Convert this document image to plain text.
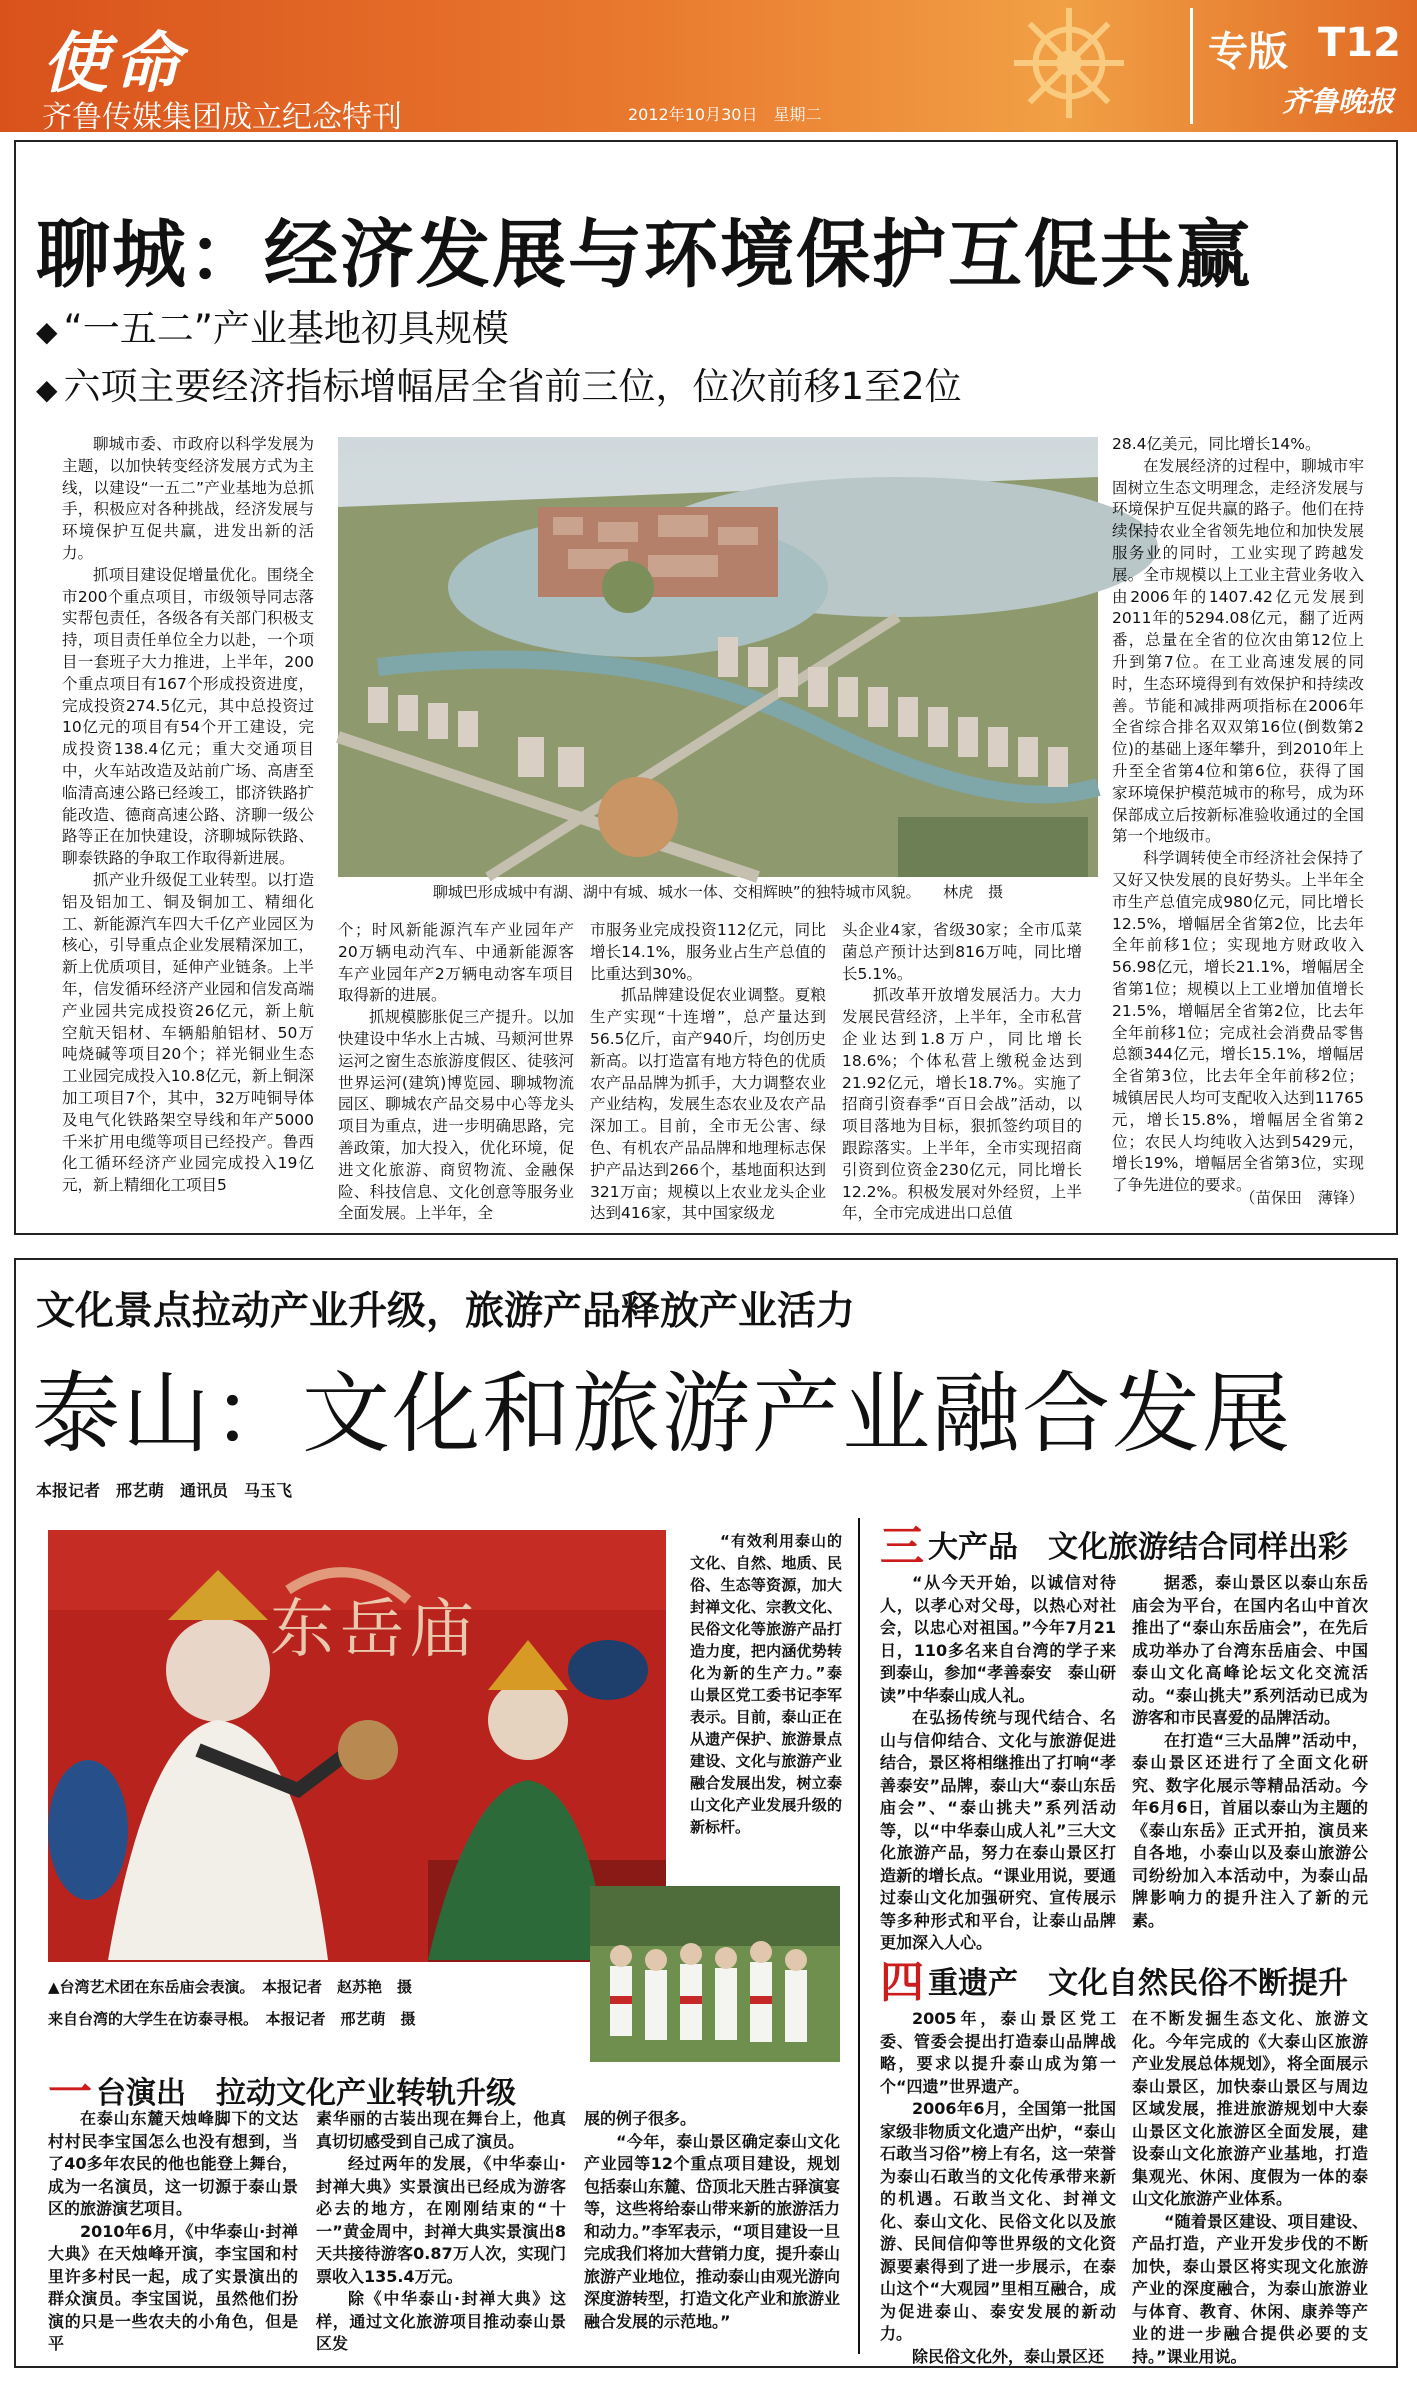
使命
齐鲁传媒集团成立纪念特刊	2012年10月30日　星期二
专版 T12
齐鲁晚报
聊城：经济发展与环境保护互促共赢
◆ “一五二”产业基地初具规模
◆ 六项主要经济指标增幅居全省前三位，位次前移1至2位

聊城市委、市政府以科学发展为主题，以加快转变经济发展方式为主线，以建设“一五二”产业基地为总抓手，积极应对各种挑战，经济发展与环境保护互促共赢，进发出新的活力。

抓项目建设促增量优化。围绕全市200个重点项目，市级领导同志落实帮包责任，各级各有关部门积极支持，项目责任单位全力以赴，一个项目一套班子大力推进，上半年，200个重点项目有167个形成投资进度，完成投资274.5亿元，其中总投资过10亿元的项目有54个开工建设，完成投资138.4亿元；重大交通项目中，火车站改造及站前广场、高唐至临清高速公路已经竣工，邯济铁路扩能改造、德商高速公路、济聊一级公路等正在加快建设，济聊城际铁路、聊泰铁路的争取工作取得新进展。

抓产业升级促工业转型。以打造铝及铝加工、铜及铜加工、精细化工、新能源汽车四大千亿产业园区为核心，引导重点企业发展精深加工，新上优质项目，延伸产业链条。上半年，信发循环经济产业园和信发高端产业园共完成投资26亿元，新上航空航天铝材、车辆船舶铝材、50万吨烧碱等项目20个；祥光铜业生态工业园完成投入10.8亿元，新上铜深加工项目7个，其中，32万吨铜导体及电气化铁路架空导线和年产5000千米扩用电缆等项目已经投产。鲁西化工循环经济产业园完成投入19亿元，新上精细化工项目5

聊城巴形成城中有湖、湖中有城、城水一体、交相辉映”的独特城市风貌。　　林虎　摄

个；时风新能源汽车产业园年产20万辆电动汽车、中通新能源客车产业园年产2万辆电动客车项目取得新的进展。

抓规模膨胀促三产提升。以加快建设中华水上古城、马颊河世界运河之窗生态旅游度假区、徒骇河世界运河(建筑)博览园、聊城物流园区、聊城农产品交易中心等龙头项目为重点，进一步明确思路，完善政策，加大投入，优化环境，促进文化旅游、商贸物流、金融保险、科技信息、文化创意等服务业全面发展。上半年，全

市服务业完成投资112亿元，同比增长14.1%，服务业占生产总值的比重达到30%。

抓品牌建设促农业调整。夏粮生产实现“十连增”，总产量达到56.5亿斤，亩产940斤，均创历史新高。以打造富有地方特色的优质农产品品牌为抓手，大力调整农业产业结构，发展生态农业及农产品深加工。目前，全市无公害、绿色、有机农产品品牌和地理标志保护产品达到266个，基地面积达到321万亩；规模以上农业龙头企业达到416家，其中国家级龙

头企业4家，省级30家；全市瓜菜菌总产预计达到816万吨，同比增长5.1%。

抓改革开放增发展活力。大力发展民营经济，上半年，全市私营企业达到1.8万户，同比增长18.6%；个体私营上缴税金达到21.92亿元，增长18.7%。实施了招商引资春季“百日会战”活动，以项目落地为目标，狠抓签约项目的跟踪落实。上半年，全市实现招商引资到位资金230亿元，同比增长12.2%。积极发展对外经贸，上半年，全市完成进出口总值

28.4亿美元，同比增长14%。

在发展经济的过程中，聊城市牢固树立生态文明理念，走经济发展与环境保护互促共赢的路子。他们在持续保持农业全省领先地位和加快发展服务业的同时，工业实现了跨越发展。全市规模以上工业主营业务收入由2006年的1407.42亿元发展到2011年的5294.08亿元，翻了近两番，总量在全省的位次由第12位上升到第7位。在工业高速发展的同时，生态环境得到有效保护和持续改善。节能和减排两项指标在2006年全省综合排名双双第16位(倒数第2位)的基础上逐年攀升，到2010年上升至全省第4位和第6位，获得了国家环境保护模范城市的称号，成为环保部成立后按新标准验收通过的全国第一个地级市。

科学调转使全市经济社会保持了又好又快发展的良好势头。上半年全市生产总值完成980亿元，同比增长12.5%，增幅居全省第2位，比去年全年前移1位；实现地方财政收入56.98亿元，增长21.1%，增幅居全省第1位；规模以上工业增加值增长21.5%，增幅居全省第2位，比去年全年前移1位；完成社会消费品零售总额344亿元，增长15.1%，增幅居全省第3位，比去年全年前移2位；城镇居民人均可支配收入达到11765元，增长15.8%，增幅居全省第2位；农民人均纯收入达到5429元，增长19%，增幅居全省第3位，实现了争先进位的要求。

（苗保田　薄锋）
文化景点拉动产业升级，旅游产品释放产业活力
泰山：文化和旅游产业融合发展
本报记者　邢艺萌　通讯员　马玉飞
东岳庙

“有效利用泰山的文化、自然、地质、民俗、生态等资源，加大封禅文化、宗教文化、民俗文化等旅游产品打造力度，把内涵优势转化为新的生产力。”泰山景区党工委书记李军表示。目前，泰山正在从遗产保护、旅游景点建设、文化与旅游产业融合发展出发，树立泰山文化产业发展升级的新标杆。

▲台湾艺术团在东岳庙会表演。　本报记者　赵苏艳　摄
来自台湾的大学生在访泰寻根。　本报记者　邢艺萌　摄
一 台演出　拉动文化产业转轨升级

在泰山东麓天烛峰脚下的文达村村民李宝国怎么也没有想到，当了40多年农民的他也能登上舞台，成为一名演员，这一切源于泰山景区的旅游演艺项目。

2010年6月，《中华泰山·封禅大典》在天烛峰开演，李宝国和村里许多村民一起，成了实景演出的群众演员。李宝国说，虽然他们扮演的只是一些农夫的小角色，但是平

素华丽的古装出现在舞台上，他真真切切感受到自己成了演员。

经过两年的发展，《中华泰山·封禅大典》实景演出已经成为游客必去的地方，在刚刚结束的“十一”黄金周中，封禅大典实景演出8天共接待游客0.87万人次，实现门票收入135.4万元。

除《中华泰山·封禅大典》这样，通过文化旅游项目推动泰山景区发

展的例子很多。

“今年，泰山景区确定泰山文化产业园等12个重点项目建设，规划包括泰山东麓、岱顶北天胜古驿演宴等，这些将给泰山带来新的旅游活力和动力。”李军表示，“项目建设一旦完成我们将加大营销力度，提升泰山旅游产业地位，推动泰山由观光游向深度游转型，打造文化产业和旅游业融合发展的示范地。”

三 大产品　文化旅游结合同样出彩

“从今天开始，以诚信对待人，以孝心对父母，以热心对社会，以忠心对祖国。”今年7月21日，110多名来自台湾的学子来到泰山，参加“孝善泰安　泰山研读”中华泰山成人礼。

在弘扬传统与现代结合、名山与信仰结合、文化与旅游促进结合，景区将相继推出了打响“孝善泰安”品牌，泰山大“泰山东岳庙会”、“泰山挑夫”系列活动等，以“中华泰山成人礼”三大文化旅游产品，努力在泰山景区打造新的增长点。“课业用说，要通过泰山文化加强研究、宣传展示等多种形式和平台，让泰山品牌更加深入人心。

据悉，泰山景区以泰山东岳庙会为平台，在国内名山中首次推出了“泰山东岳庙会”，在先后成功举办了台湾东岳庙会、中国泰山文化高峰论坛文化交流活动。“泰山挑夫”系列活动已成为游客和市民喜爱的品牌活动。

在打造“三大品牌”活动中，泰山景区还进行了全面文化研究、数字化展示等精品活动。今年6月6日，首届以泰山为主题的《泰山东岳》正式开拍，演员来自各地，小泰山以及泰山旅游公司纷纷加入本活动中，为泰山品牌影响力的提升注入了新的元素。

四 重遗产　文化自然民俗不断提升

2005年，泰山景区党工委、管委会提出打造泰山品牌战略，要求以提升泰山成为第一个“四遗”世界遗产。

2006年6月，全国第一批国家级非物质文化遗产出炉，“泰山石敢当习俗”榜上有名，这一荣誉为泰山石敢当的文化传承带来新的机遇。石敢当文化、封禅文化、泰山文化、民俗文化以及旅游、民间信仰等世界级的文化资源要素得到了进一步展示，在泰山这个“大观园”里相互融合，成为促进泰山、泰安发展的新动力。

除民俗文化外，泰山景区还

在不断发掘生态文化、旅游文化。今年完成的《大泰山区旅游产业发展总体规划》，将全面展示泰山景区，加快泰山景区与周边区域发展，推进旅游规划中大泰山景区文化旅游区全面发展，建设泰山文化旅游产业基地，打造集观光、休闲、度假为一体的泰山文化旅游产业体系。

“随着景区建设、项目建设、产品打造，产业开发步伐的不断加快，泰山景区将实现文化旅游产业的深度融合，为泰山旅游业与体育、教育、休闲、康养等产业的进一步融合提供必要的支持。”课业用说。
